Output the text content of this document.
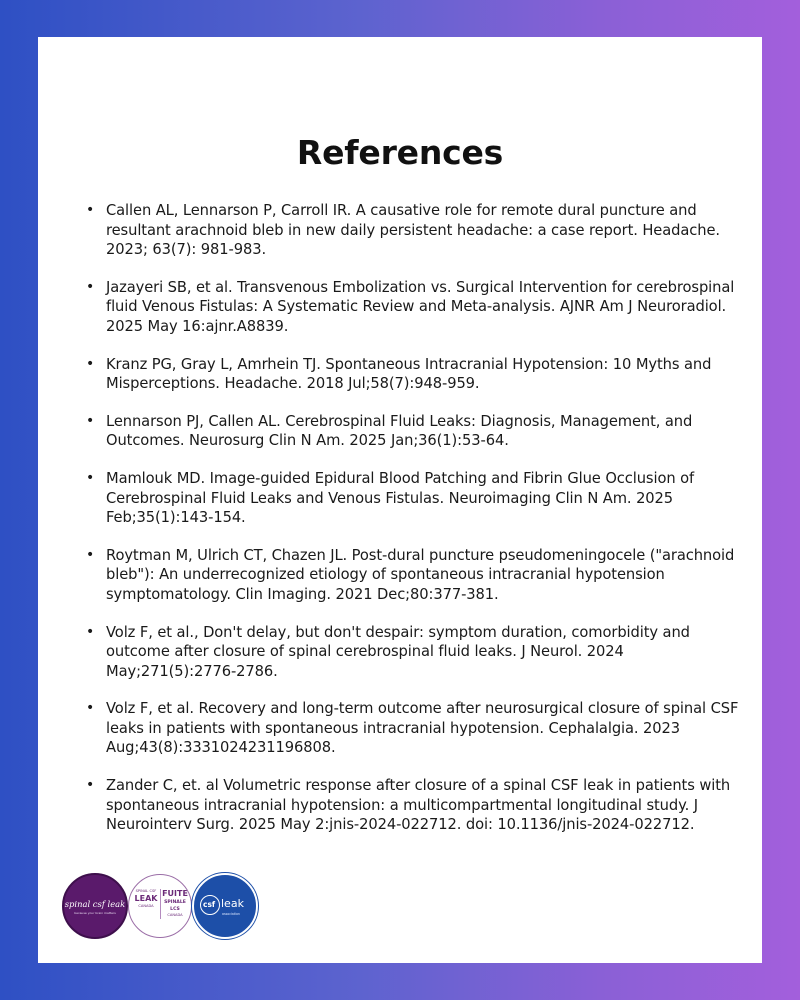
References
• Callen AL, Lennarson P, Carroll IR. A causative role for remote dural puncture and resultant arachnoid bleb in new daily persistent headache: a case report. Headache. 2023; 63(7): 981-983.
• Jazayeri SB, et al. Transvenous Embolization vs. Surgical Intervention for cerebrospinal fluid Venous Fistulas: A Systematic Review and Meta-analysis. AJNR Am J Neuroradiol. 2025 May 16:ajnr.A8839.
• Kranz PG, Gray L, Amrhein TJ. Spontaneous Intracranial Hypotension: 10 Myths and Misperceptions. Headache. 2018 Jul;58(7):948-959.
• Lennarson PJ, Callen AL. Cerebrospinal Fluid Leaks: Diagnosis, Management, and Outcomes. Neurosurg Clin N Am. 2025 Jan;36(1):53-64.
• Mamlouk MD. Image-guided Epidural Blood Patching and Fibrin Glue Occlusion of Cerebrospinal Fluid Leaks and Venous Fistulas. Neuroimaging Clin N Am. 2025 Feb;35(1):143-154.
• Roytman M, Ulrich CT, Chazen JL. Post-dural puncture pseudomeningocele ("arachnoid bleb"): An underrecognized etiology of spontaneous intracranial hypotension symptomatology. Clin Imaging. 2021 Dec;80:377-381.
• Volz F, et al., Don't delay, but don't despair: symptom duration, comorbidity and outcome after closure of spinal cerebrospinal fluid leaks. J Neurol. 2024 May;271(5):2776-2786.
• Volz F, et al. Recovery and long-term outcome after neurosurgical closure of spinal CSF leaks in patients with spontaneous intracranial hypotension. Cephalalgia. 2023 Aug;43(8):3331024231196808.
• Zander C, et. al Volumetric response after closure of a spinal CSF leak in patients with spontaneous intracranial hypotension: a multicompartmental longitudinal study. J Neurointerv Surg. 2025 May 2:jnis-2024-022712. doi: 10.1136/jnis-2024-022712.
spinal csf leak
because your brain matters
SPINAL CSF
LEAK
CANADA
FUITE
SPINALE LCS
CANADA
csf leak
association
